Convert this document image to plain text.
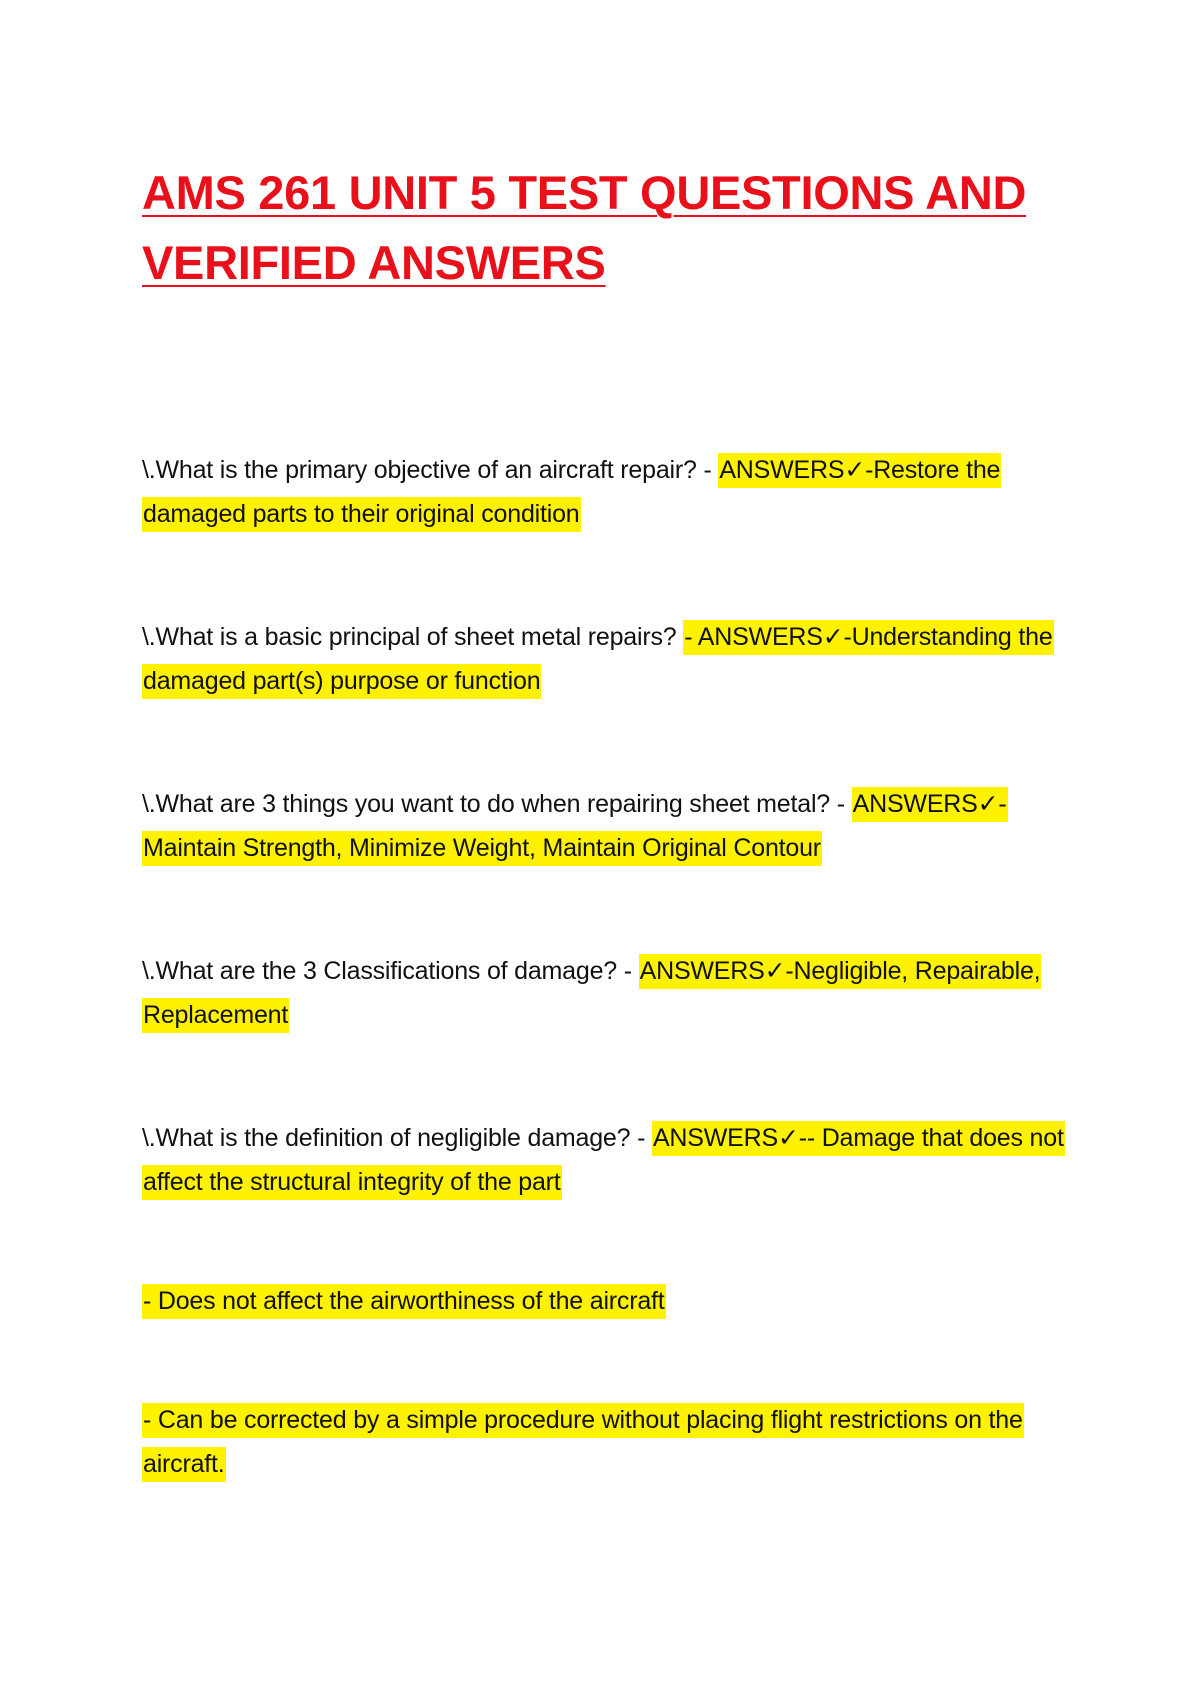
AMS 261 UNIT 5 TEST QUESTIONS AND
VERIFIED ANSWERS

\.What is the primary objective of an aircraft repair? - ANSWERS✓-Restore the damaged parts to their original condition

\.What is a basic principal of sheet metal repairs? - ANSWERS✓-Understanding the damaged part(s) purpose or function

\.What are 3 things you want to do when repairing sheet metal? - ANSWERS✓-Maintain Strength, Minimize Weight, Maintain Original Contour

\.What are the 3 Classifications of damage? - ANSWERS✓-Negligible, Repairable, Replacement

\.What is the definition of negligible damage? - ANSWERS✓-- Damage that does not affect the structural integrity of the part

- Does not affect the airworthiness of the aircraft

- Can be corrected by a simple procedure without placing flight restrictions on the aircraft.
